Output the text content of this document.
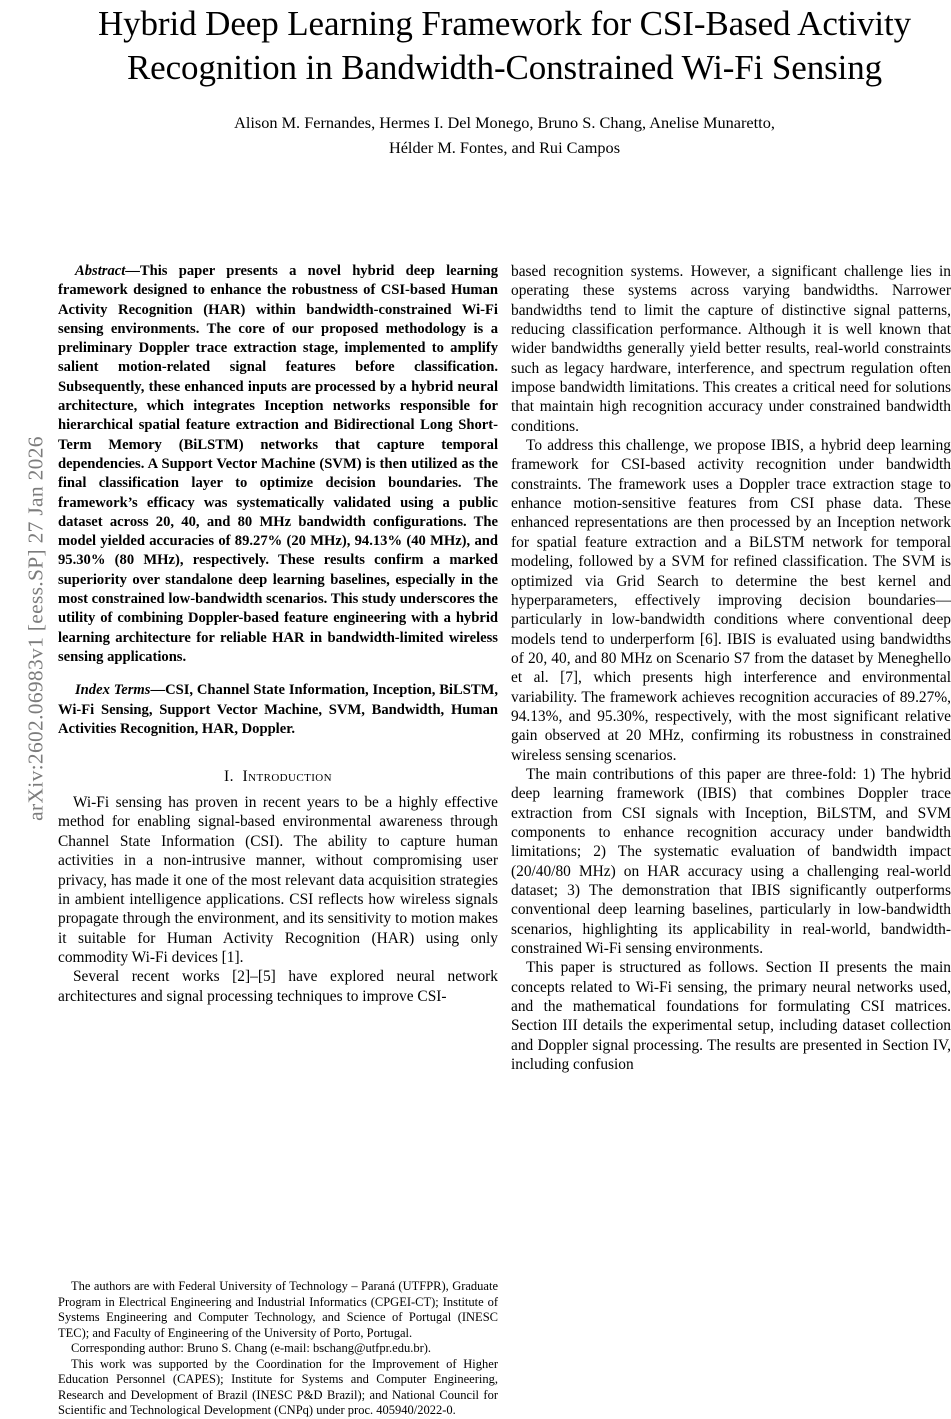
arXiv:2602.06983v1 [eess.SP] 27 Jan 2026
Hybrid Deep Learning Framework for CSI-Based Activity Recognition in Bandwidth-Constrained Wi-Fi Sensing
Alison M. Fernandes, Hermes I. Del Monego, Bruno S. Chang, Anelise Munaretto,
Hélder M. Fontes, and Rui Campos

Abstract—This paper presents a novel hybrid deep learning framework designed to enhance the robustness of CSI-based Human Activity Recognition (HAR) within bandwidth-constrained Wi-Fi sensing environments. The core of our proposed methodology is a preliminary Doppler trace extraction stage, implemented to amplify salient motion-related signal features before classification. Subsequently, these enhanced inputs are processed by a hybrid neural architecture, which integrates Inception networks responsible for hierarchical spatial feature extraction and Bidirectional Long Short-Term Memory (BiLSTM) networks that capture temporal dependencies. A Support Vector Machine (SVM) is then utilized as the final classification layer to optimize decision boundaries. The framework’s efficacy was systematically validated using a public dataset across 20, 40, and 80 MHz bandwidth configurations. The model yielded accuracies of 89.27% (20 MHz), 94.13% (40 MHz), and 95.30% (80 MHz), respectively. These results confirm a marked superiority over standalone deep learning baselines, especially in the most constrained low-bandwidth scenarios. This study underscores the utility of combining Doppler-based feature engineering with a hybrid learning architecture for reliable HAR in bandwidth-limited wireless sensing applications.

Index Terms—CSI, Channel State Information, Inception, BiLSTM, Wi-Fi Sensing, Support Vector Machine, SVM, Bandwidth, Human Activities Recognition, HAR, Doppler.

I. Introduction

Wi-Fi sensing has proven in recent years to be a highly effective method for enabling signal-based environmental awareness through Channel State Information (CSI). The ability to capture human activities in a non-intrusive manner, without compromising user privacy, has made it one of the most relevant data acquisition strategies in ambient intelligence applications. CSI reflects how wireless signals propagate through the environment, and its sensitivity to motion makes it suitable for Human Activity Recognition (HAR) using only commodity Wi-Fi devices [1].

Several recent works [2]–[5] have explored neural network architectures and signal processing techniques to improve CSI-

The authors are with Federal University of Technology – Paraná (UTFPR), Graduate Program in Electrical Engineering and Industrial Informatics (CPGEI-CT); Institute of Systems Engineering and Computer Technology, and Science of Portugal (INESC TEC); and Faculty of Engineering of the University of Porto, Portugal.

Corresponding author: Bruno S. Chang (e-mail: bschang@utfpr.edu.br).

This work was supported by the Coordination for the Improvement of Higher Education Personnel (CAPES); Institute for Systems and Computer Engineering, Research and Development of Brazil (INESC P&D Brazil); and National Council for Scientific and Technological Development (CNPq) under proc. 405940/2022-0.

based recognition systems. However, a significant challenge lies in operating these systems across varying bandwidths. Narrower bandwidths tend to limit the capture of distinctive signal patterns, reducing classification performance. Although it is well known that wider bandwidths generally yield better results, real-world constraints such as legacy hardware, interference, and spectrum regulation often impose bandwidth limitations. This creates a critical need for solutions that maintain high recognition accuracy under constrained bandwidth conditions.

To address this challenge, we propose IBIS, a hybrid deep learning framework for CSI-based activity recognition under bandwidth constraints. The framework uses a Doppler trace extraction stage to enhance motion-sensitive features from CSI phase data. These enhanced representations are then processed by an Inception network for spatial feature extraction and a BiLSTM network for temporal modeling, followed by a SVM for refined classification. The SVM is optimized via Grid Search to determine the best kernel and hyperparameters, effectively improving decision boundaries—particularly in low-bandwidth conditions where conventional deep models tend to underperform [6]. IBIS is evaluated using bandwidths of 20, 40, and 80 MHz on Scenario S7 from the dataset by Meneghello et al. [7], which presents high interference and environmental variability. The framework achieves recognition accuracies of 89.27%, 94.13%, and 95.30%, respectively, with the most significant relative gain observed at 20 MHz, confirming its robustness in constrained wireless sensing scenarios.

The main contributions of this paper are three-fold: 1) The hybrid deep learning framework (IBIS) that combines Doppler trace extraction from CSI signals with Inception, BiLSTM, and SVM components to enhance recognition accuracy under bandwidth limitations; 2) The systematic evaluation of bandwidth impact (20/40/80 MHz) on HAR accuracy using a challenging real-world dataset; 3) The demonstration that IBIS significantly outperforms conventional deep learning baselines, particularly in low-bandwidth scenarios, highlighting its applicability in real-world, bandwidth-constrained Wi-Fi sensing environments.

This paper is structured as follows. Section II presents the main concepts related to Wi-Fi sensing, the primary neural networks used, and the mathematical foundations for formulating CSI matrices. Section III details the experimental setup, including dataset collection and Doppler signal processing. The results are presented in Section IV, including confusion
